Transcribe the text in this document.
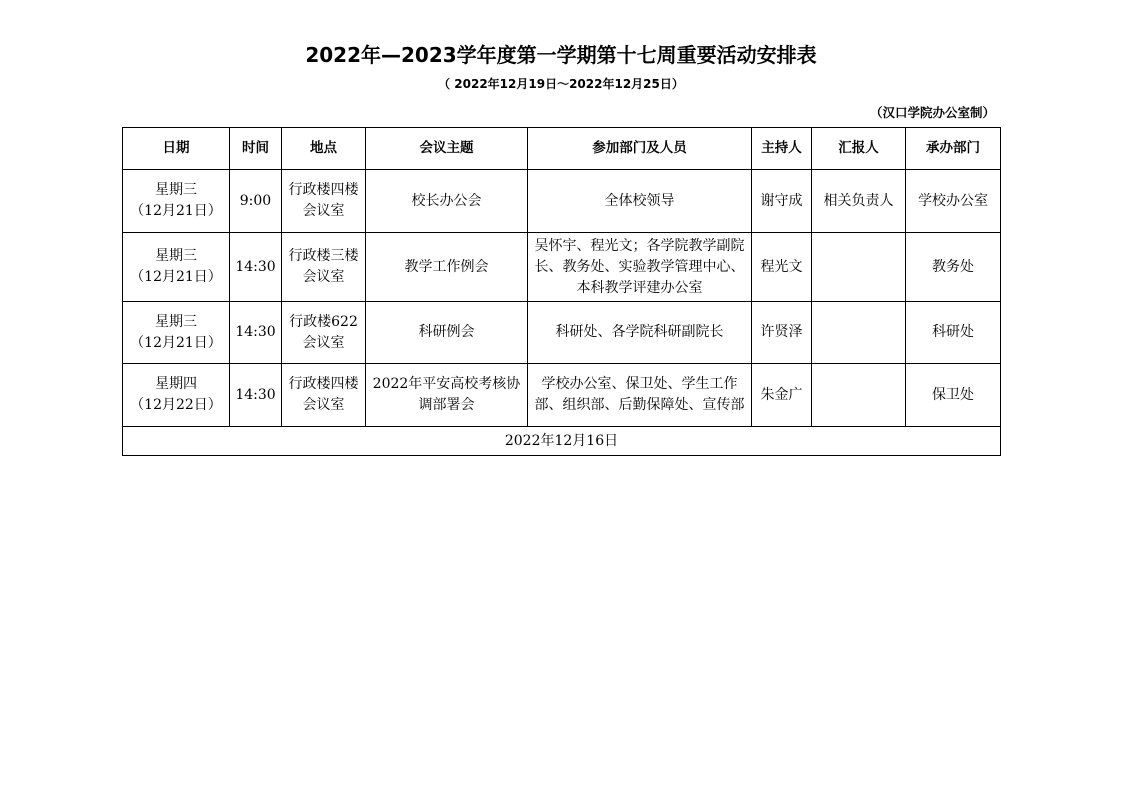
2022年—2023学年度第一学期第十七周重要活动安排表
（ 2022年12月19日～2022年12月25日）
（汉口学院办公室制）
日期	时间	地点	会议主题	参加部门及人员	主持人	汇报人	承办部门

星期三
（12月21日）	9:00	行政楼四楼会议室	校长办公会	全体校领导	谢守成	相关负责人	学校办公室

星期三
（12月21日）	14:30	行政楼三楼会议室	教学工作例会	吴怀宇、程光文；各学院教学副院长、教务处、实验教学管理中心、本科教学评建办公室	程光文		教务处

星期三
（12月21日）	14:30	行政楼622会议室	科研例会	科研处、各学院科研副院长	许贤泽		科研处

星期四
（12月22日）	14:30	行政楼四楼会议室	2022年平安高校考核协调部署会	学校办公室、保卫处、学生工作部、组织部、后勤保障处、宣传部	朱金广		保卫处
2022年12月16日							
